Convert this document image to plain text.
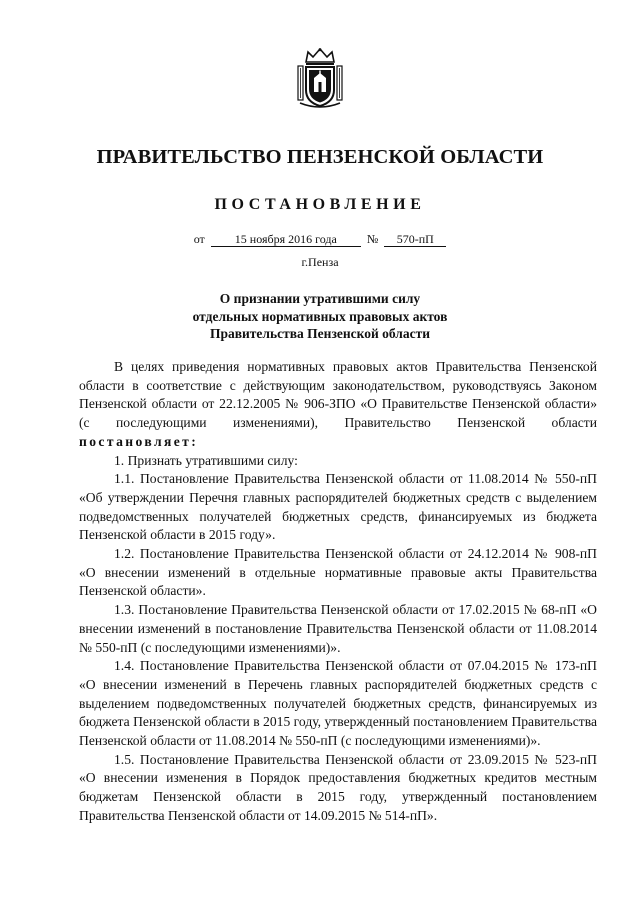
ПРАВИТЕЛЬСТВО ПЕНЗЕНСКОЙ ОБЛАСТИ
ПОСТАНОВЛЕНИЕ
от 15 ноября 2016 года № 570-пП
г.Пенза
О признании утратившими силу
отдельных нормативных правовых актов
Правительства Пензенской области

В целях приведения нормативных правовых актов Правительства Пензенской области в соответствие с действующим законодательством, руководствуясь Законом Пензенской области от 22.12.2005 № 906-ЗПО «О Правительстве Пензенской области» (с последующими изменениями), Правительство Пензенской области постановляет:

1. Признать утратившими силу:

1.1. Постановление Правительства Пензенской области от 11.08.2014 № 550-пП «Об утверждении Перечня главных распорядителей бюджетных средств с выделением подведомственных получателей бюджетных средств, финансируемых из бюджета Пензенской области в 2015 году».

1.2. Постановление Правительства Пензенской области от 24.12.2014 № 908-пП «О внесении изменений в отдельные нормативные правовые акты Правительства Пензенской области».

1.3. Постановление Правительства Пензенской области от 17.02.2015 № 68-пП «О внесении изменений в постановление Правительства Пензенской области от 11.08.2014 № 550-пП (с последующими изменениями)».

1.4. Постановление Правительства Пензенской области от 07.04.2015 № 173-пП «О внесении изменений в Перечень главных распорядителей бюджетных средств с выделением подведомственных получателей бюджетных средств, финансируемых из бюджета Пензенской области в 2015 году, утвержденный постановлением Правительства Пензенской области от 11.08.2014 № 550-пП (с последующими изменениями)».

1.5. Постановление Правительства Пензенской области от 23.09.2015 № 523-пП «О внесении изменения в Порядок предоставления бюджетных кредитов местным бюджетам Пензенской области в 2015 году, утвержденный постановлением Правительства Пензенской области от 14.09.2015 № 514-пП».
